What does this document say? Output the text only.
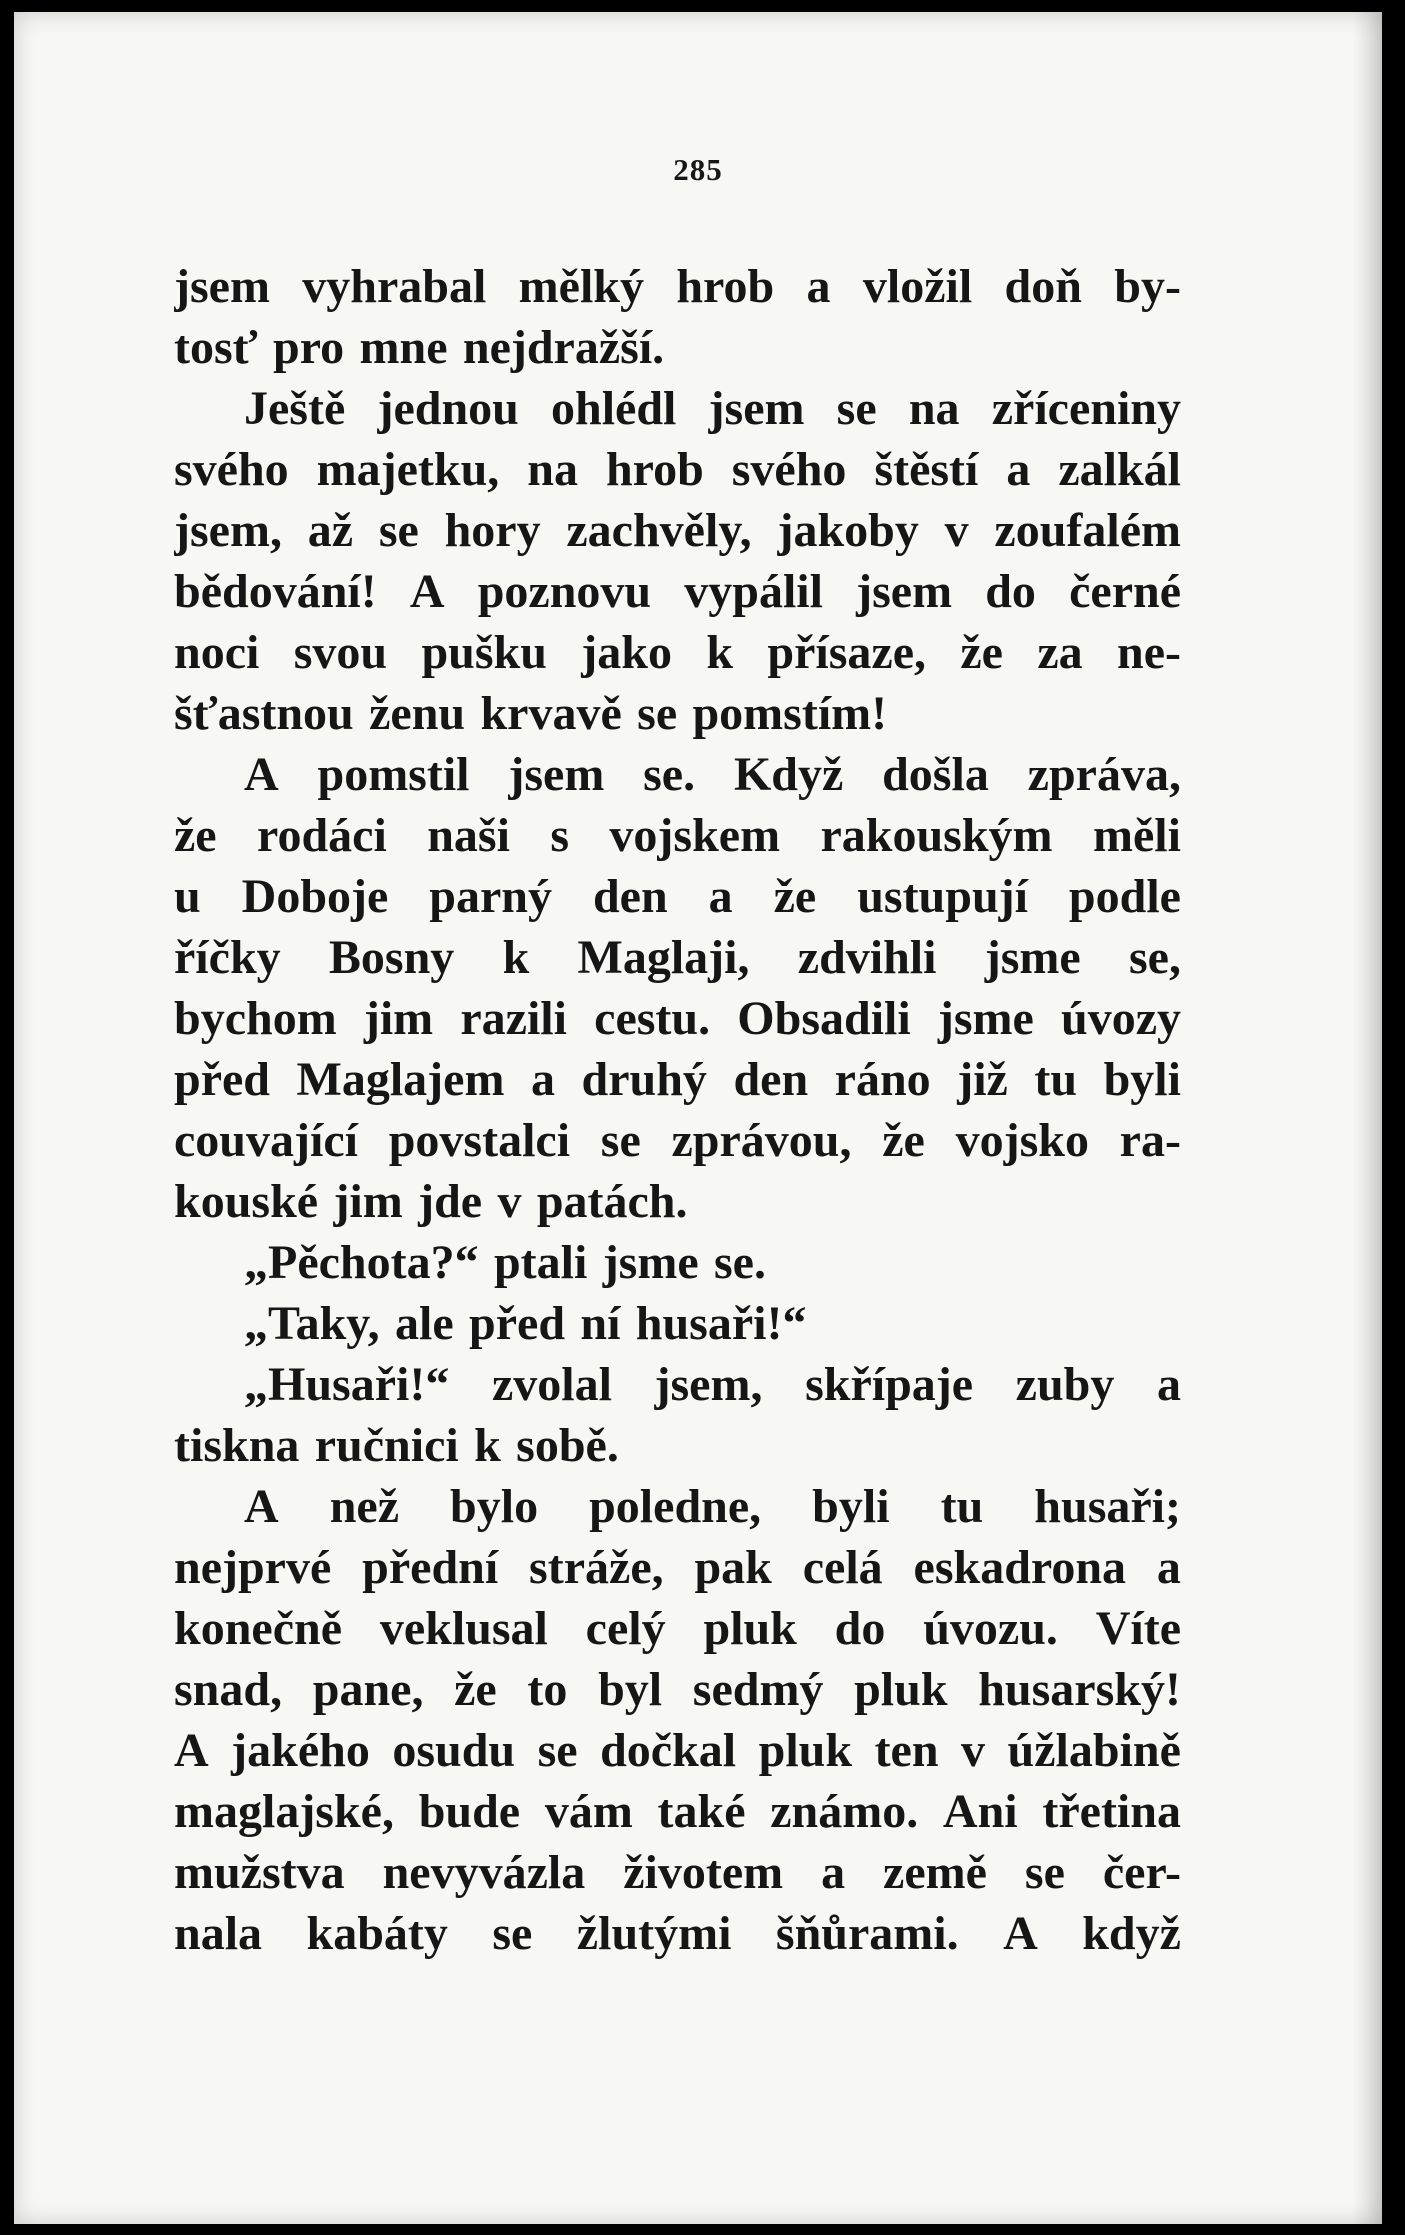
285
jsem vyhrabal mělký hrob a vložil doň by-
tosť pro mne nejdražší.
Ještě jednou ohlédl jsem se na zříceniny
svého majetku, na hrob svého štěstí a zalkál
jsem, až se hory zachvěly, jakoby v zoufalém
bědování! A poznovu vypálil jsem do černé
noci svou pušku jako k přísaze, že za ne-
šťastnou ženu krvavě se pomstím!
A pomstil jsem se. Když došla zpráva,
že rodáci naši s vojskem rakouským měli
u Doboje parný den a že ustupují podle
říčky Bosny k Maglaji, zdvihli jsme se,
bychom jim razili cestu. Obsadili jsme úvozy
před Maglajem a druhý den ráno již tu byli
couvající povstalci se zprávou, že vojsko ra-
kouské jim jde v patách.
„Pěchota?“ ptali jsme se.
„Taky, ale před ní husaři!“
„Husaři!“ zvolal jsem, skřípaje zuby a
tiskna ručnici k sobě.
A než bylo poledne, byli tu husaři;
nejprvé přední stráže, pak celá eskadrona a
konečně veklusal celý pluk do úvozu. Víte
snad, pane, že to byl sedmý pluk husarský!
A jakého osudu se dočkal pluk ten v úžlabině
maglajské, bude vám také známo. Ani třetina
mužstva nevyvázla životem a země se čer-
nala kabáty se žlutými šňůrami. A když
